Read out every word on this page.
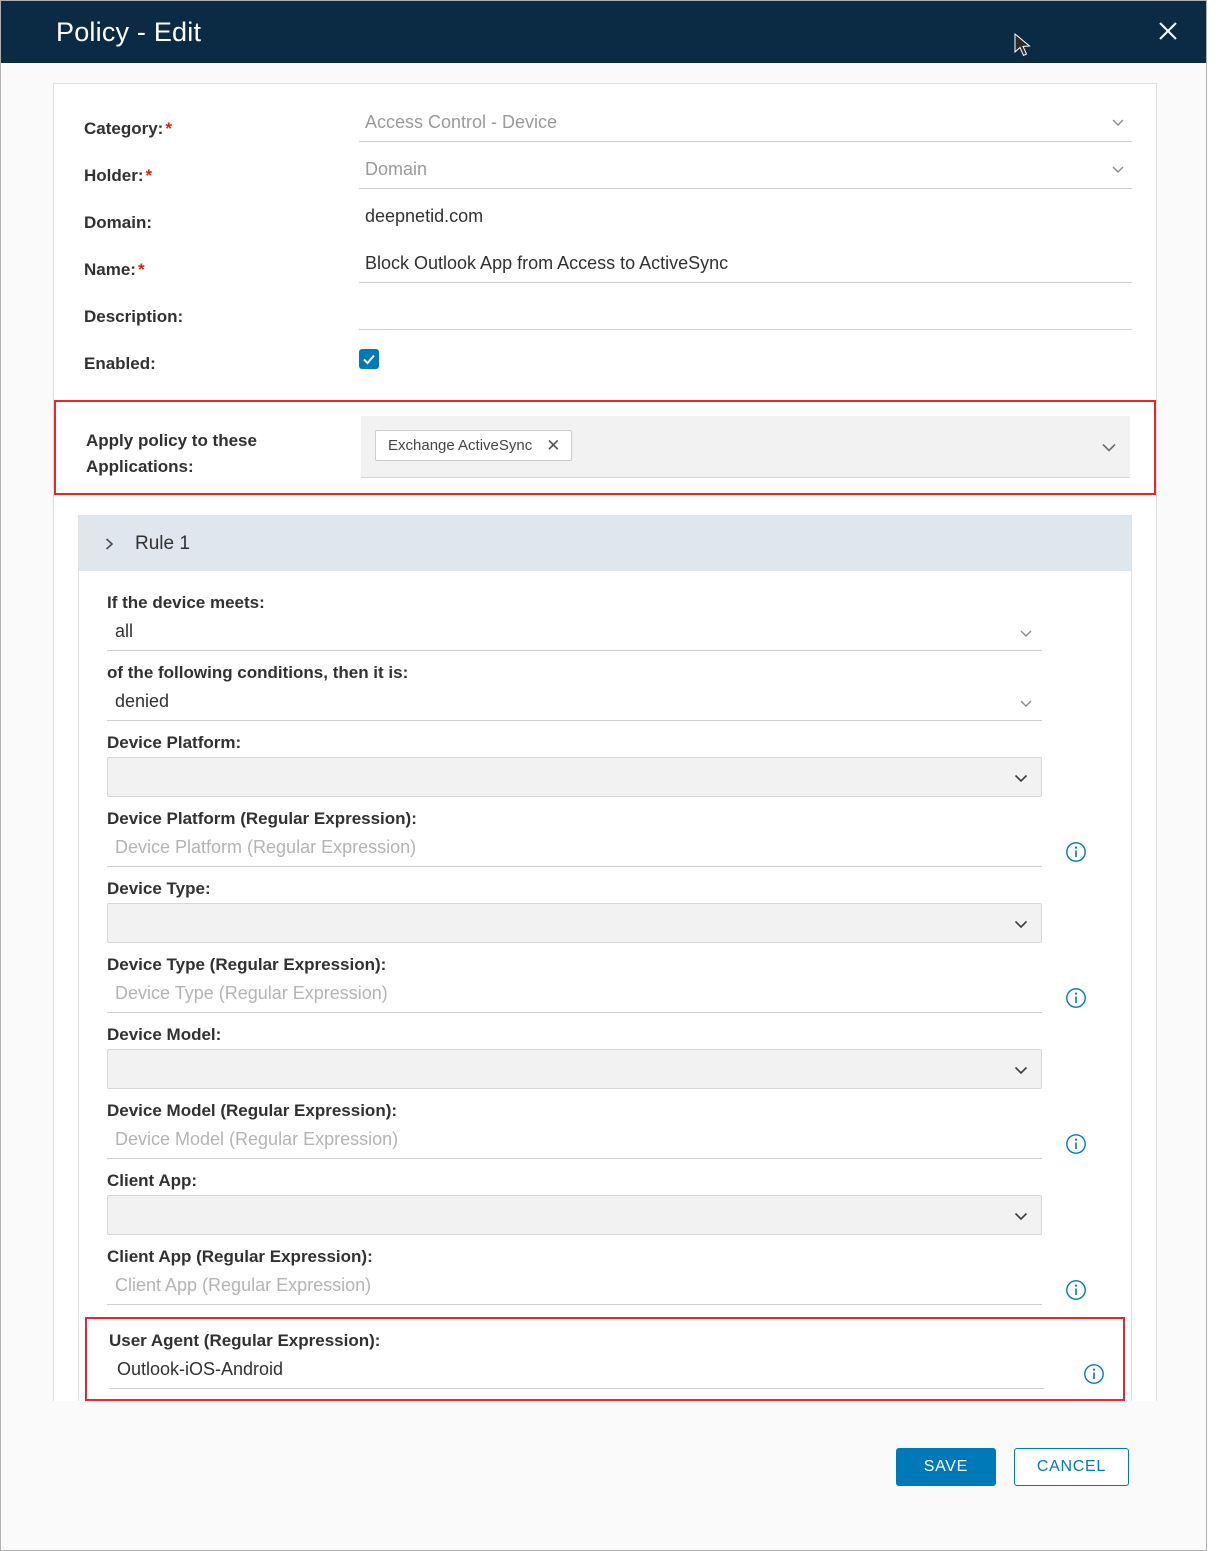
Policy - Edit
Category: *
Access Control - Device
Holder: *
Domain
Domain:	deepnetid.com
Name: *
Block Outlook App from Access to ActiveSync
Description:
Enabled:
Apply policy to these Applications:
Exchange ActiveSync ✕
Rule 1
If the device meets:
all
of the following conditions, then it is:
denied
Device Platform:
Device Platform (Regular Expression):
Device Platform (Regular Expression)
Device Type:
Device Type (Regular Expression):
Device Type (Regular Expression)
Device Model:
Device Model (Regular Expression):
Device Model (Regular Expression)
Client App:
Client App (Regular Expression):
Client App (Regular Expression)
User Agent (Regular Expression):
Outlook-iOS-Android
SAVE	CANCEL
